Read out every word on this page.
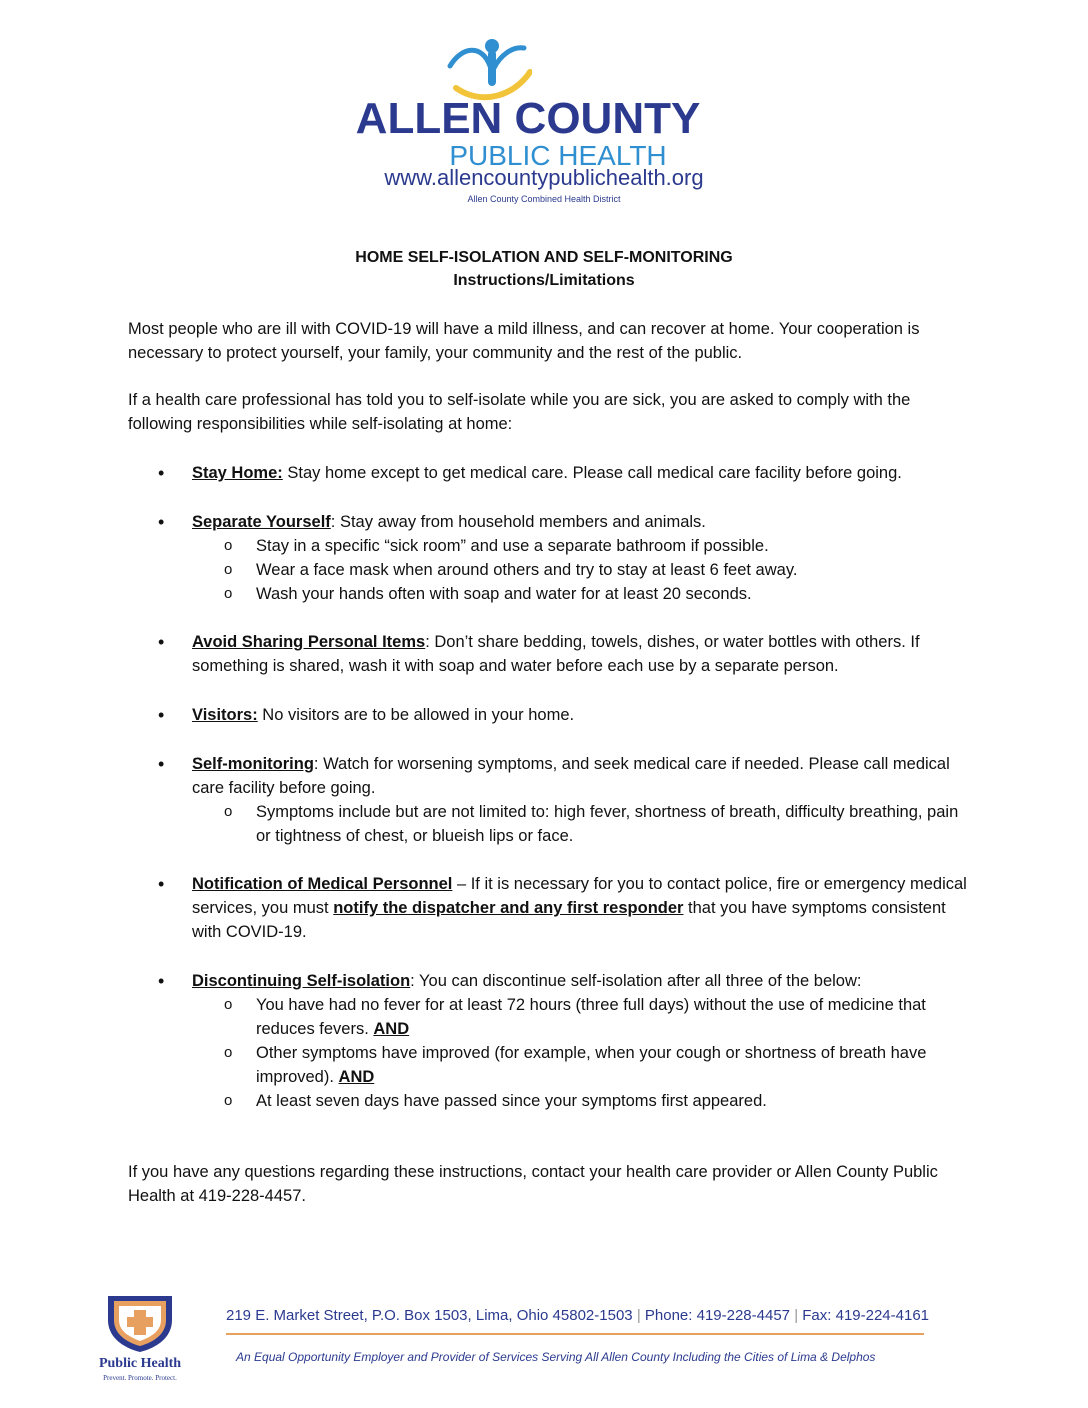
ALLEN COUNTY
PUBLIC HEALTH
www.allencountypublichealth.org
Allen County Combined Health District
HOME SELF-ISOLATION AND SELF-MONITORING
Instructions/Limitations
Most people who are ill with COVID-19 will have a mild illness, and can recover at home. Your cooperation is necessary to protect yourself, your family, your community and the rest of the public.
If a health care professional has told you to self-isolate while you are sick, you are asked to comply with the following responsibilities while self-isolating at home:
• Stay Home: Stay home except to get medical care. Please call medical care facility before going.
• Separate Yourself: Stay away from household members and animals.
o Stay in a specific “sick room” and use a separate bathroom if possible.
o Wear a face mask when around others and try to stay at least 6 feet away.
o Wash your hands often with soap and water for at least 20 seconds.
• Avoid Sharing Personal Items: Don’t share bedding, towels, dishes, or water bottles with others. If something is shared, wash it with soap and water before each use by a separate person.
• Visitors: No visitors are to be allowed in your home.
• Self-monitoring: Watch for worsening symptoms, and seek medical care if needed. Please call medical care facility before going.
o Symptoms include but are not limited to: high fever, shortness of breath, difficulty breathing, pain or tightness of chest, or blueish lips or face.
• Notification of Medical Personnel – If it is necessary for you to contact police, fire or emergency medical services, you must notify the dispatcher and any first responder that you have symptoms consistent with COVID-19.
• Discontinuing Self-isolation: You can discontinue self-isolation after all three of the below:
o You have had no fever for at least 72 hours (three full days) without the use of medicine that reduces fevers. AND
o Other symptoms have improved (for example, when your cough or shortness of breath have improved). AND
o At least seven days have passed since your symptoms first appeared.
If you have any questions regarding these instructions, contact your health care provider or Allen County Public Health at 419-228-4457.
Public Health
Prevent. Promote. Protect.
219 E. Market Street, P.O. Box 1503, Lima, Ohio 45802-1503 | Phone: 419-228-4457 | Fax: 419-224-4161
An Equal Opportunity Employer and Provider of Services Serving All Allen County Including the Cities of Lima & Delphos
